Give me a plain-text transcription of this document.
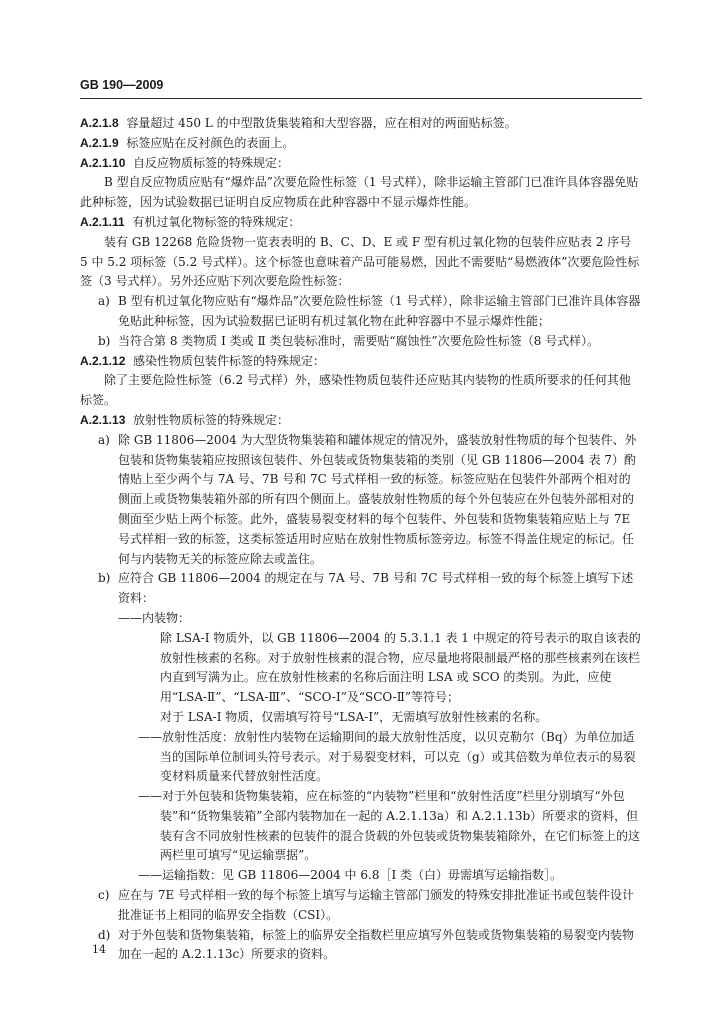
GB 190—2009

A.2.1.8 容量超过 450 L 的中型散货集装箱和大型容器，应在相对的两面贴标签。

A.2.1.9 标签应贴在反衬颜色的表面上。

A.2.1.10 自反应物质标签的特殊规定：

B 型自反应物质应贴有“爆炸品”次要危险性标签（1 号式样），除非运输主管部门已准许具体容器免贴此种标签，因为试验数据已证明自反应物质在此种容器中不显示爆炸性能。

A.2.1.11 有机过氧化物标签的特殊规定：

装有 GB 12268 危险货物一览表表明的 B、C、D、E 或 F 型有机过氧化物的包装件应贴表 2 序号 5 中 5.2 项标签（5.2 号式样）。这个标签也意味着产品可能易燃，因此不需要贴“易燃液体”次要危险性标签（3 号式样）。另外还应贴下列次要危险性标签：

a) B 型有机过氧化物应贴有“爆炸品”次要危险性标签（1 号式样），除非运输主管部门已准许具体容器免贴此种标签，因为试验数据已证明有机过氧化物在此种容器中不显示爆炸性能；
b) 当符合第 8 类物质 Ⅰ 类或 Ⅱ 类包装标准时，需要贴“腐蚀性”次要危险性标签（8 号式样）。

A.2.1.12 感染性物质包装件标签的特殊规定：

除了主要危险性标签（6.2 号式样）外，感染性物质包装件还应贴其内装物的性质所要求的任何其他标签。

A.2.1.13 放射性物质标签的特殊规定：

a) 除 GB 11806—2004 为大型货物集装箱和罐体规定的情况外，盛装放射性物质的每个包装件、外包装和货物集装箱应按照该包装件、外包装或货物集装箱的类别（见 GB 11806—2004 表 7）酌情贴上至少两个与 7A 号、7B 号和 7C 号式样相一致的标签。标签应贴在包装件外部两个相对的侧面上或货物集装箱外部的所有四个侧面上。盛装放射性物质的每个外包装应在外包装外部相对的侧面至少贴上两个标签。此外，盛装易裂变材料的每个包装件、外包装和货物集装箱应贴上与 7E 号式样相一致的标签，这类标签适用时应贴在放射性物质标签旁边。标签不得盖住规定的标记。任何与内装物无关的标签应除去或盖住。
b) 应符合 GB 11806—2004 的规定在与 7A 号、7B 号和 7C 号式样相一致的每个标签上填写下述资料：

——内装物：

除 LSA-Ⅰ 物质外，以 GB 11806—2004 的 5.3.1.1 表 1 中规定的符号表示的取自该表的放射性核素的名称。对于放射性核素的混合物，应尽量地将限制最严格的那些核素列在该栏内直到写满为止。应在放射性核素的名称后面注明 LSA 或 SCO 的类别。为此，应使用“LSA-Ⅱ”、“LSA-Ⅲ”、“SCO-Ⅰ”及“SCO-Ⅱ”等符号；

对于 LSA-Ⅰ 物质，仅需填写符号“LSA-Ⅰ”，无需填写放射性核素的名称。

——放射性活度：放射性内装物在运输期间的最大放射性活度，以贝克勒尔（Bq）为单位加适当的国际单位制词头符号表示。对于易裂变材料，可以克（g）或其倍数为单位表示的易裂变材料质量来代替放射性活度。

——对于外包装和货物集装箱，应在标签的“内装物”栏里和“放射性活度”栏里分别填写“外包装”和“货物集装箱”全部内装物加在一起的 A.2.1.13a）和 A.2.1.13b）所要求的资料，但装有含不同放射性核素的包装件的混合货载的外包装或货物集装箱除外，在它们标签上的这两栏里可填写“见运输票据”。

——运输指数：见 GB 11806—2004 中 6.8［Ⅰ 类（白）毋需填写运输指数］。

c) 应在与 7E 号式样相一致的每个标签上填写与运输主管部门颁发的特殊安排批准证书或包装件设计批准证书上相同的临界安全指数（CSI）。
d) 对于外包装和货物集装箱，标签上的临界安全指数栏里应填写外包装或货物集装箱的易裂变内装物加在一起的 A.2.1.13c）所要求的资料。
14
